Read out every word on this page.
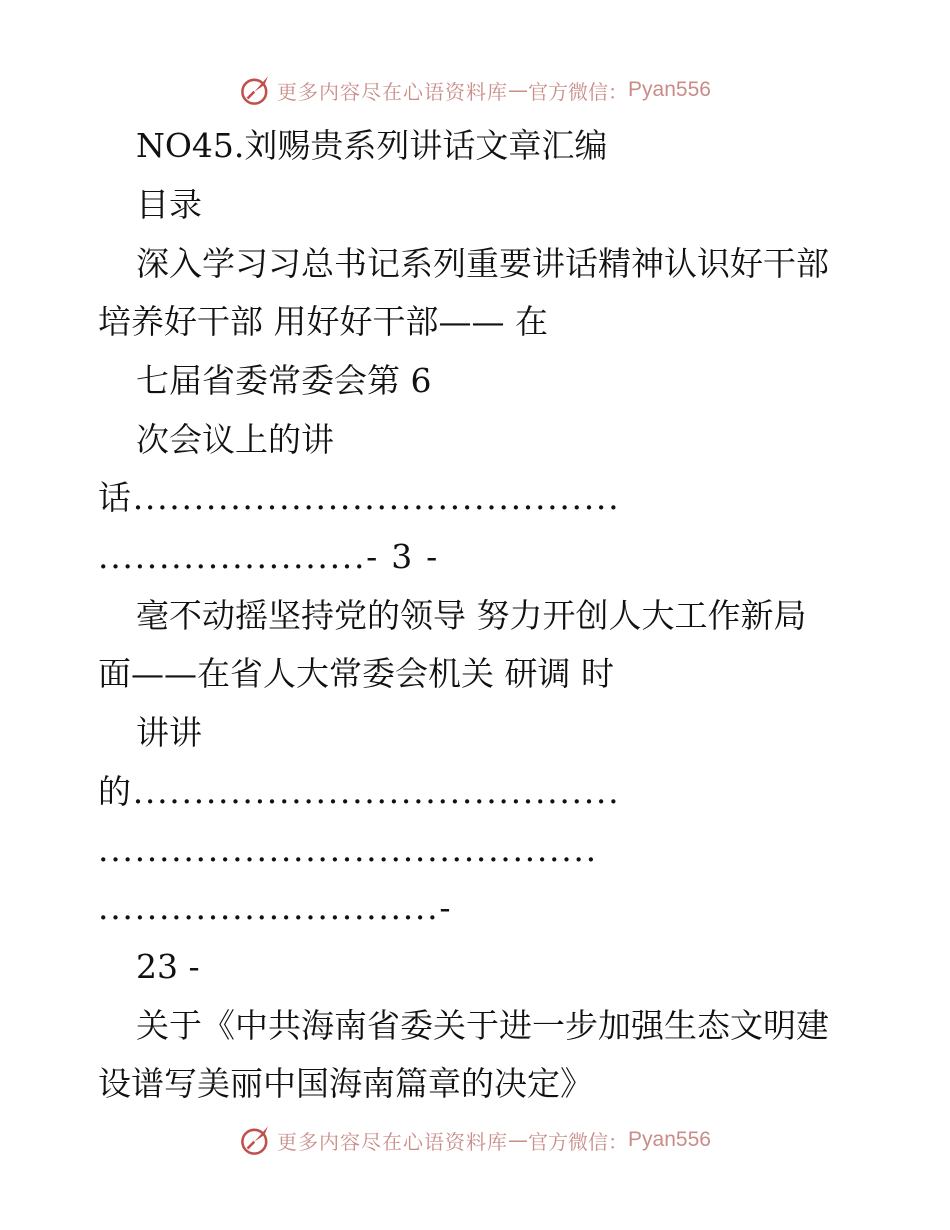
更多内容尽在心语资料库 — 官方微信： Pyan556
NO45.刘赐贵系列讲话文章汇编
目录
深入学习习总书记系列重要讲话精神认识好干部
培养好干部 用好好干部—— 在
七届省委常委会第 6
次会议上的讲
话........................................
......................- 3 -
毫不动摇坚持党的领导 努力开创人大工作新局
面——在省人大常委会机关 研调 时
讲讲
的........................................
.........................................
............................-
23 -
关于《中共海南省委关于进一步加强生态文明建
设谱写美丽中国海南篇章的决定》
更多内容尽在心语资料库 — 官方微信： Pyan556
